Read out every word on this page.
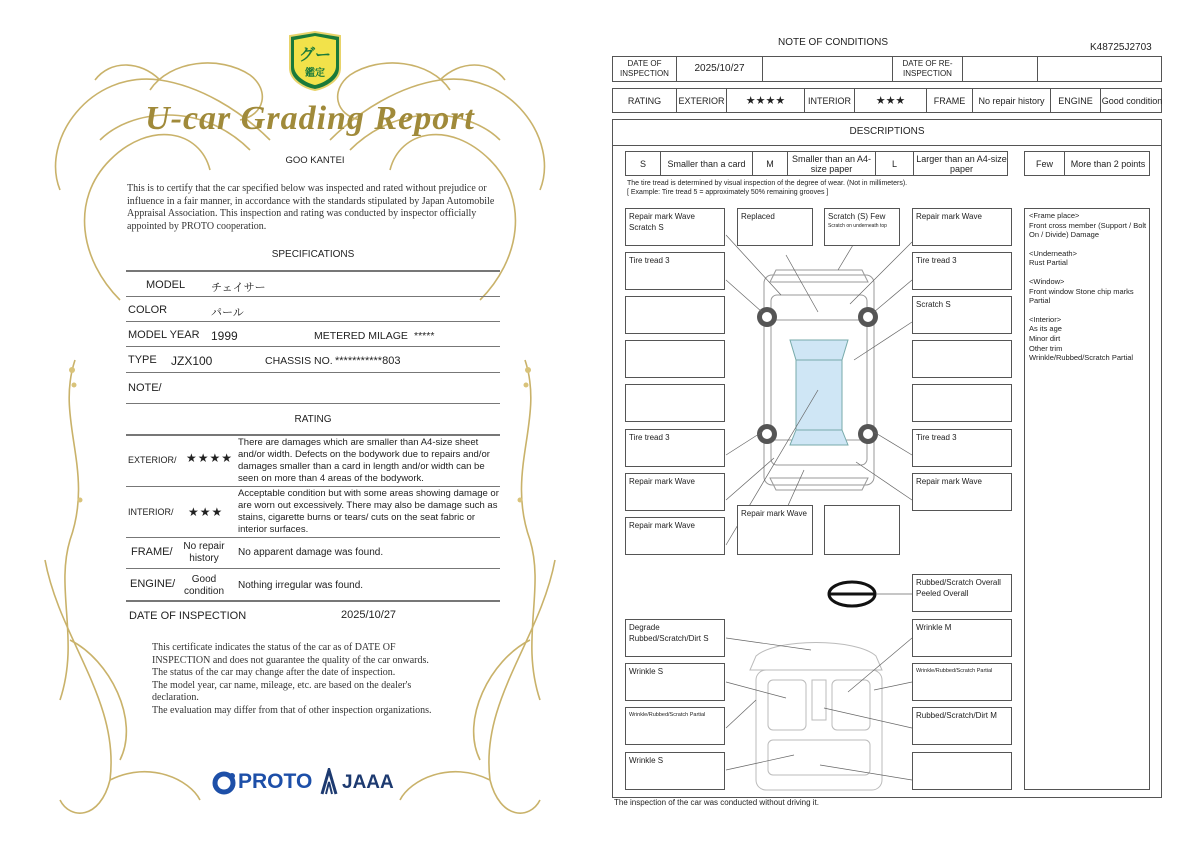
グー
鑑定
U-car Grading Report
GOO KANTEI
This is to certify that the car specified below was inspected and rated without prejudice or influence in a fair manner, in accordance with the standards stipulated by Japan Automobile Appraisal Association. This inspection and rating was conducted by inspector officially appointed by PROTO cooperation.
SPECIFICATIONS
MODEL チェイサー
COLOR	パール
MODEL YEAR 1999	METERED MILAGE *****
TYPE JZX100	CHASSIS NO. ***********803
NOTE/
RATING
EXTERIOR/ ★★★★
There are damages which are smaller than A4-size sheet and/or width. Defects on the bodywork due to repairs and/or damages smaller than a card in length and/or width can be seen on more than 4 areas of the bodywork.
INTERIOR/ ★★★
Acceptable condition but with some areas showing damage or are worn out excessively. There may also be damage such as stains, cigarette burns or tears/ cuts on the seat fabric or interior surfaces.
FRAME/	No repair history
No apparent damage was found.
ENGINE/	Good condition
Nothing irregular was found.
DATE OF INSPECTION	2025/10/27
This certificate indicates the status of the car as of DATE OF
INSPECTION and does not guarantee the quality of the car onwards.
The status of the car may change after the date of inspection.
The model year, car name, mileage, etc. are based on the dealer's
declaration.
The evaluation may differ from that of other inspection organizations.
PROTO JAAA
NOTE OF CONDITIONS	K48725J2703
DATE OF INSPECTION	2025/10/27	DATE OF RE-INSPECTION
RATING	EXTERIOR	★★★★	INTERIOR	★★★	FRAME	No repair history	ENGINE Good condition
DESCRIPTIONS
S	Smaller than a card	M	Smaller than an A4-size paper	L	Larger than an A4-size paper	Few	More than 2 points
The tire tread is determined by visual inspection of the degree of wear. (Not in millimeters).
[ Example: Tire tread 5 = approximately 50% remaining grooves ]
Repair mark Wave
Scratch S
Replaced	Scratch (S) Few
Scratch on underneath top
Repair mark Wave
Tire tread 3	Tire tread 3
Scratch S
Tire tread 3	Tire tread 3
Repair mark Wave	Repair mark Wave
Repair mark Wave
Repair mark Wave
Rubbed/Scratch Overall
Peeled Overall
Degrade
Rubbed/Scratch/Dirt S
Wrinkle M
Wrinkle S	Wrinkle/Rubbed/Scratch Partial
Wrinkle/Rubbed/Scratch Partial	Rubbed/Scratch/Dirt M
Wrinkle S
<Frame place>
Front cross member (Support / Bolt On / Divide) Damage
<Underneath>
Rust Partial
<Window>
Front window Stone chip marks Partial
<Interior>
As its age
Minor dirt
Other trim
Wrinkle/Rubbed/Scratch Partial
The inspection of the car was conducted without driving it.
